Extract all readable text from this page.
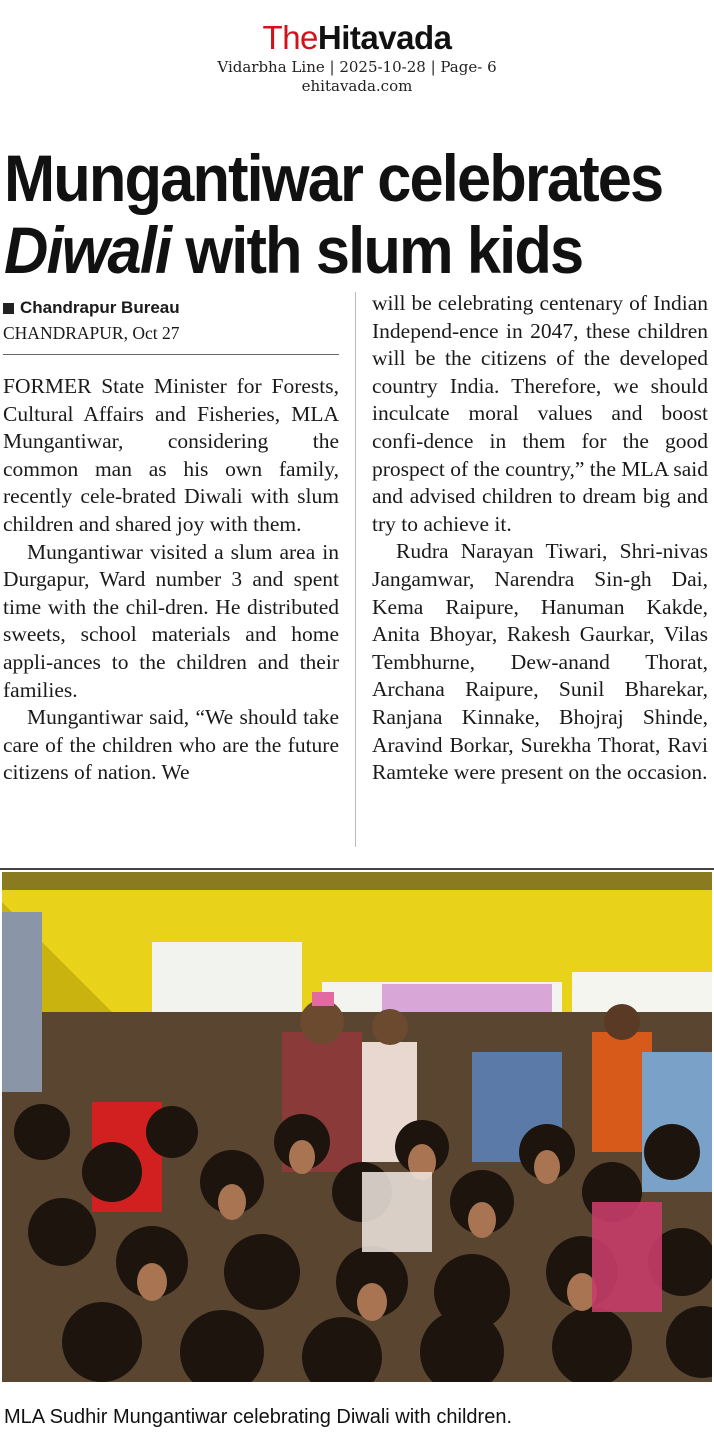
TheHitavada
Vidarbha Line | 2025-10-28 | Page- 6
ehitavada.com
Mungantiwar celebrates
Diwali with slum kids
Chandrapur Bureau
CHANDRAPUR, Oct 27

FORMER State Minister for Forests, Cultural Affairs and Fisheries, MLA Mungantiwar, considering the common man as his own family, recently cele-brated Diwali with slum children and shared joy with them.

Mungantiwar visited a slum area in Durgapur, Ward number 3 and spent time with the chil-dren. He distributed sweets, school materials and home appli-ances to the children and their families.

Mungantiwar said, “We should take care of the children who are the future citizens of nation. We

will be celebrating centenary of Indian Independ-ence in 2047, these children will be the citizens of the developed country India. Therefore, we should inculcate moral values and boost confi-dence in them for the good prospect of the country,” the MLA said and advised children to dream big and try to achieve it.

Rudra Narayan Tiwari, Shri-nivas Jangamwar, Narendra Sin-gh Dai, Kema Raipure, Hanuman Kakde, Anita Bhoyar, Rakesh Gaurkar, Vilas Tembhurne, Dew-anand Thorat, Archana Raipure, Sunil Bharekar, Ranjana Kinnake, Bhojraj Shinde, Aravind Borkar, Surekha Thorat, Ravi Ramteke were present on the occasion.

MLA Sudhir Mungantiwar celebrating Diwali with children.
